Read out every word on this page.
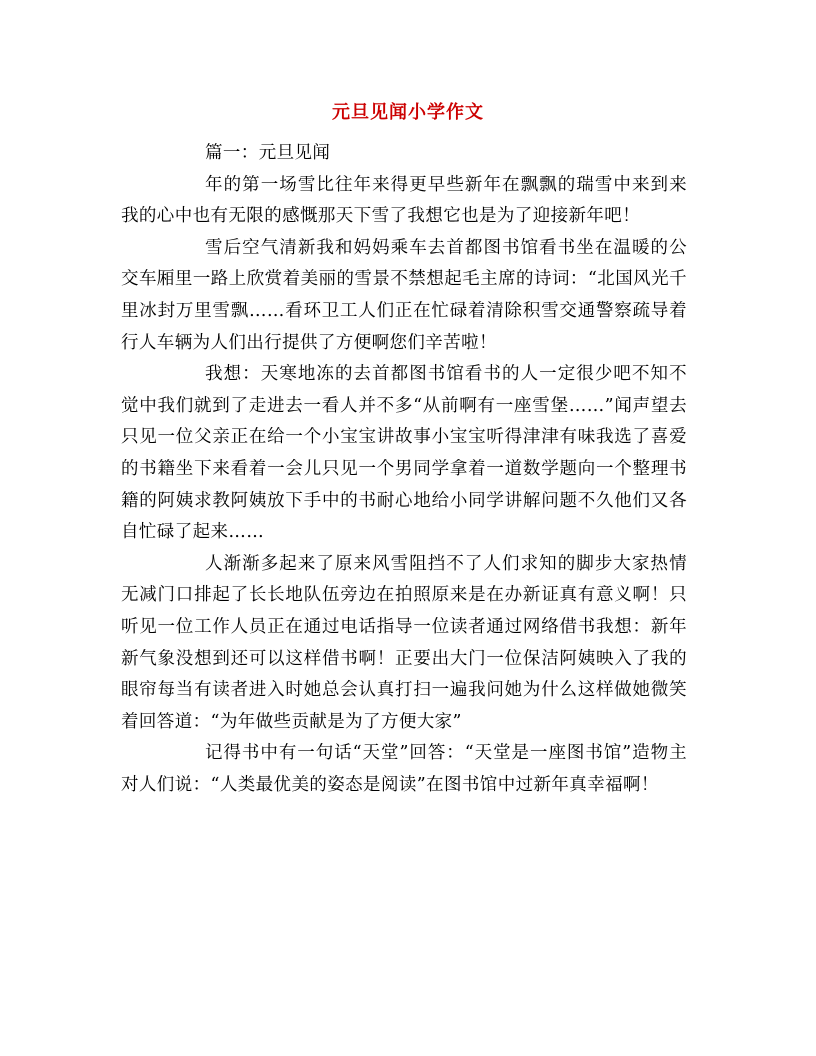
元旦见闻小学作文

篇一：元旦见闻

年的第一场雪比往年来得更早些新年在飘飘的瑞雪中来到来我的心中也有无限的感慨那天下雪了我想它也是为了迎接新年吧！

雪后空气清新我和妈妈乘车去首都图书馆看书坐在温暖的公交车厢里一路上欣赏着美丽的雪景不禁想起毛主席的诗词：“北国风光千里冰封万里雪飘……看环卫工人们正在忙碌着清除积雪交通警察疏导着行人车辆为人们出行提供了方便啊您们辛苦啦！

我想：天寒地冻的去首都图书馆看书的人一定很少吧不知不觉中我们就到了走进去一看人并不多“从前啊有一座雪堡……”闻声望去只见一位父亲正在给一个小宝宝讲故事小宝宝听得津津有味我选了喜爱的书籍坐下来看着一会儿只见一个男同学拿着一道数学题向一个整理书籍的阿姨求教阿姨放下手中的书耐心地给小同学讲解问题不久他们又各自忙碌了起来……

人渐渐多起来了原来风雪阻挡不了人们求知的脚步大家热情无减门口排起了长长地队伍旁边在拍照原来是在办新证真有意义啊！只听见一位工作人员正在通过电话指导一位读者通过网络借书我想：新年新气象没想到还可以这样借书啊！正要出大门一位保洁阿姨映入了我的眼帘每当有读者进入时她总会认真打扫一遍我问她为什么这样做她微笑着回答道：“为年做些贡献是为了方便大家”

记得书中有一句话“天堂”回答：“天堂是一座图书馆”造物主对人们说：“人类最优美的姿态是阅读”在图书馆中过新年真幸福啊！
